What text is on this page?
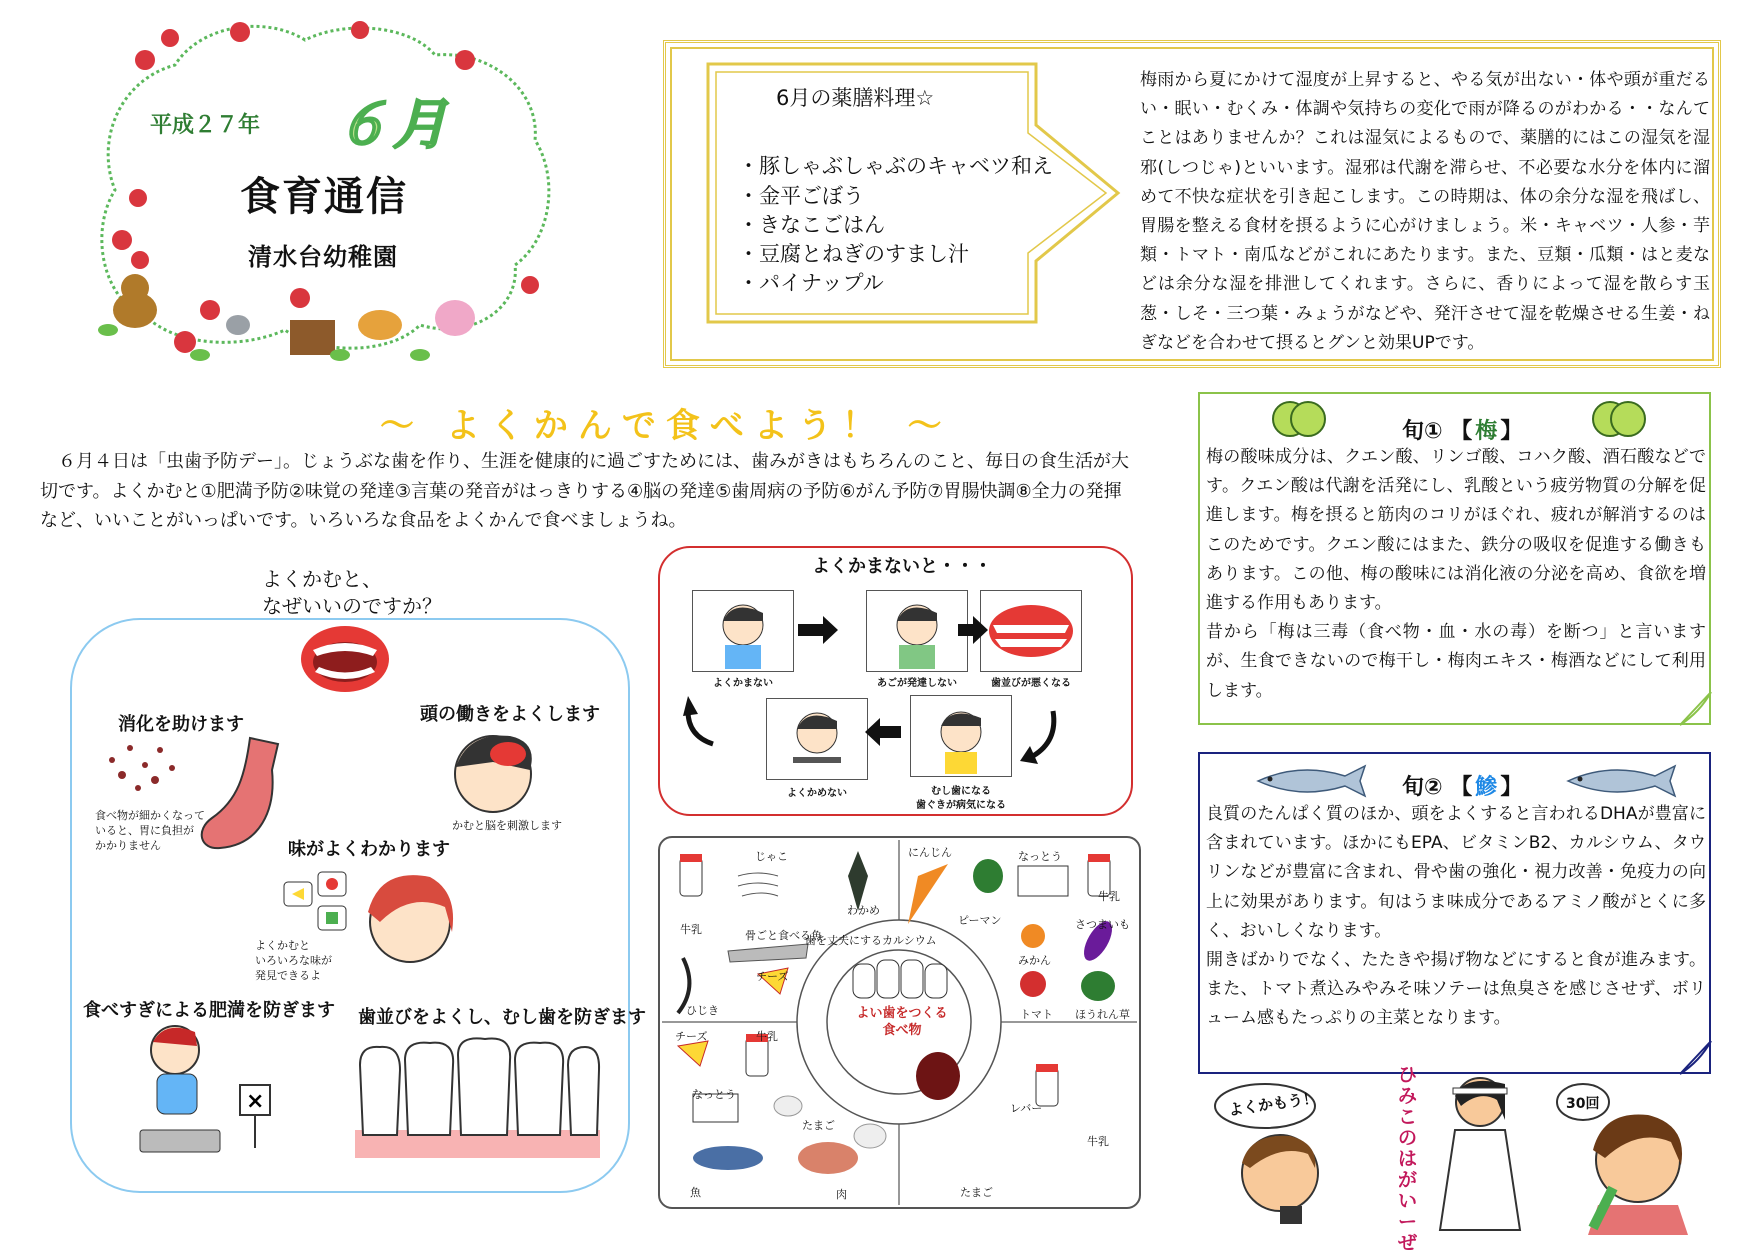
平成２７年 ６月
食育通信
清水台幼稚園
6月の薬膳料理☆
・豚しゃぶしゃぶのキャベツ和え
・金平ごぼう
・きなこごはん
・豆腐とねぎのすまし汁
・パイナップル
梅雨から夏にかけて湿度が上昇すると、やる気が出ない・体や頭が重だるい・眠い・むくみ・体調や気持ちの変化で雨が降るのがわかる・・なんてことはありませんか？これは湿気によるもので、薬膳的にはこの湿気を湿邪(しつじゃ)といいます。湿邪は代謝を滞らせ、不必要な水分を体内に溜めて不快な症状を引き起こします。この時期は、体の余分な湿を飛ばし、胃腸を整える食材を摂るように心がけましょう。米・キャベツ・人参・芋類・トマト・南瓜などがこれにあたります。また、豆類・瓜類・はと麦などは余分な湿を排泄してくれます。さらに、香りによって湿を散らす玉葱・しそ・三つ葉・みょうがなどや、発汗させて湿を乾燥させる生姜・ねぎなどを合わせて摂るとグンと効果UPです。
～ よくかんで食べよう！ ～
６月４日は「虫歯予防デー」。じょうぶな歯を作り、生涯を健康的に過ごすためには、歯みがきはもちろんのこと、毎日の食生活が大切です。よくかむと①肥満予防②味覚の発達③言葉の発音がはっきりする④脳の発達⑤歯周病の予防⑥がん予防⑦胃腸快調⑧全力の発揮など、いいことがいっぱいです。いろいろな食品をよくかんで食べましょうね。
よくかむと、
なぜいいのですか？
消化を助けます
食べ物が細かくなって
いると、胃に負担が
かかりません
頭の働きをよくします
かむと脳を刺激します
味がよくわかります
よくかむと
いろいろな味が
発見できるよ
食べすぎによる肥満を防ぎます
×
歯並びをよくし、むし歯を防ぎます
よくかまないと・・・
よくかまない	あごが発達しない	歯並びが悪くなる
むし歯になる
歯ぐきが病気になる
よくかめない
よい歯をつくる
食べ物
歯を丈夫にするカルシウム
じゃこ
牛乳
わかめ
骨ごと食べる魚
ひじき
チーズ
にんじん	なっとう
ピーマン
牛乳
みかん
さつまいも
トマト ほうれん草
チーズ	牛乳
なっとう
たまご
魚	肉
レバー
牛乳
たまご
旬① 【 梅 】
梅の酸味成分は、クエン酸、リンゴ酸、コハク酸、酒石酸などです。クエン酸は代謝を活発にし、乳酸という疲労物質の分解を促進します。梅を摂ると筋肉のコリがほぐれ、疲れが解消するのはこのためです。クエン酸にはまた、鉄分の吸収を促進する働きもあります。この他、梅の酸味には消化液の分泌を高め、食欲を増進する作用もあります。
昔から「梅は三毒（食べ物・血・水の毒）を断つ」と言いますが、生食できないので梅干し・梅肉エキス・梅酒などにして利用します。
旬② 【 鯵 】
良質のたんぱく質のほか、頭をよくすると言われるDHAが豊富に含まれています。ほかにもEPA、ビタミンB2、カルシウム、タウリンなどが豊富に含まれ、骨や歯の強化・視力改善・免疫力の向上に効果があります。旬はうま味成分であるアミノ酸がとくに多く、おいしくなります。
開きばかりでなく、たたきや揚げ物などにすると食が進みます。また、トマト煮込みやみそ味ソテーは魚臭さを感じさせず、ボリューム感もたっぷりの主菜となります。
よくかもう！
ひみこのはがいーぜ
30回
